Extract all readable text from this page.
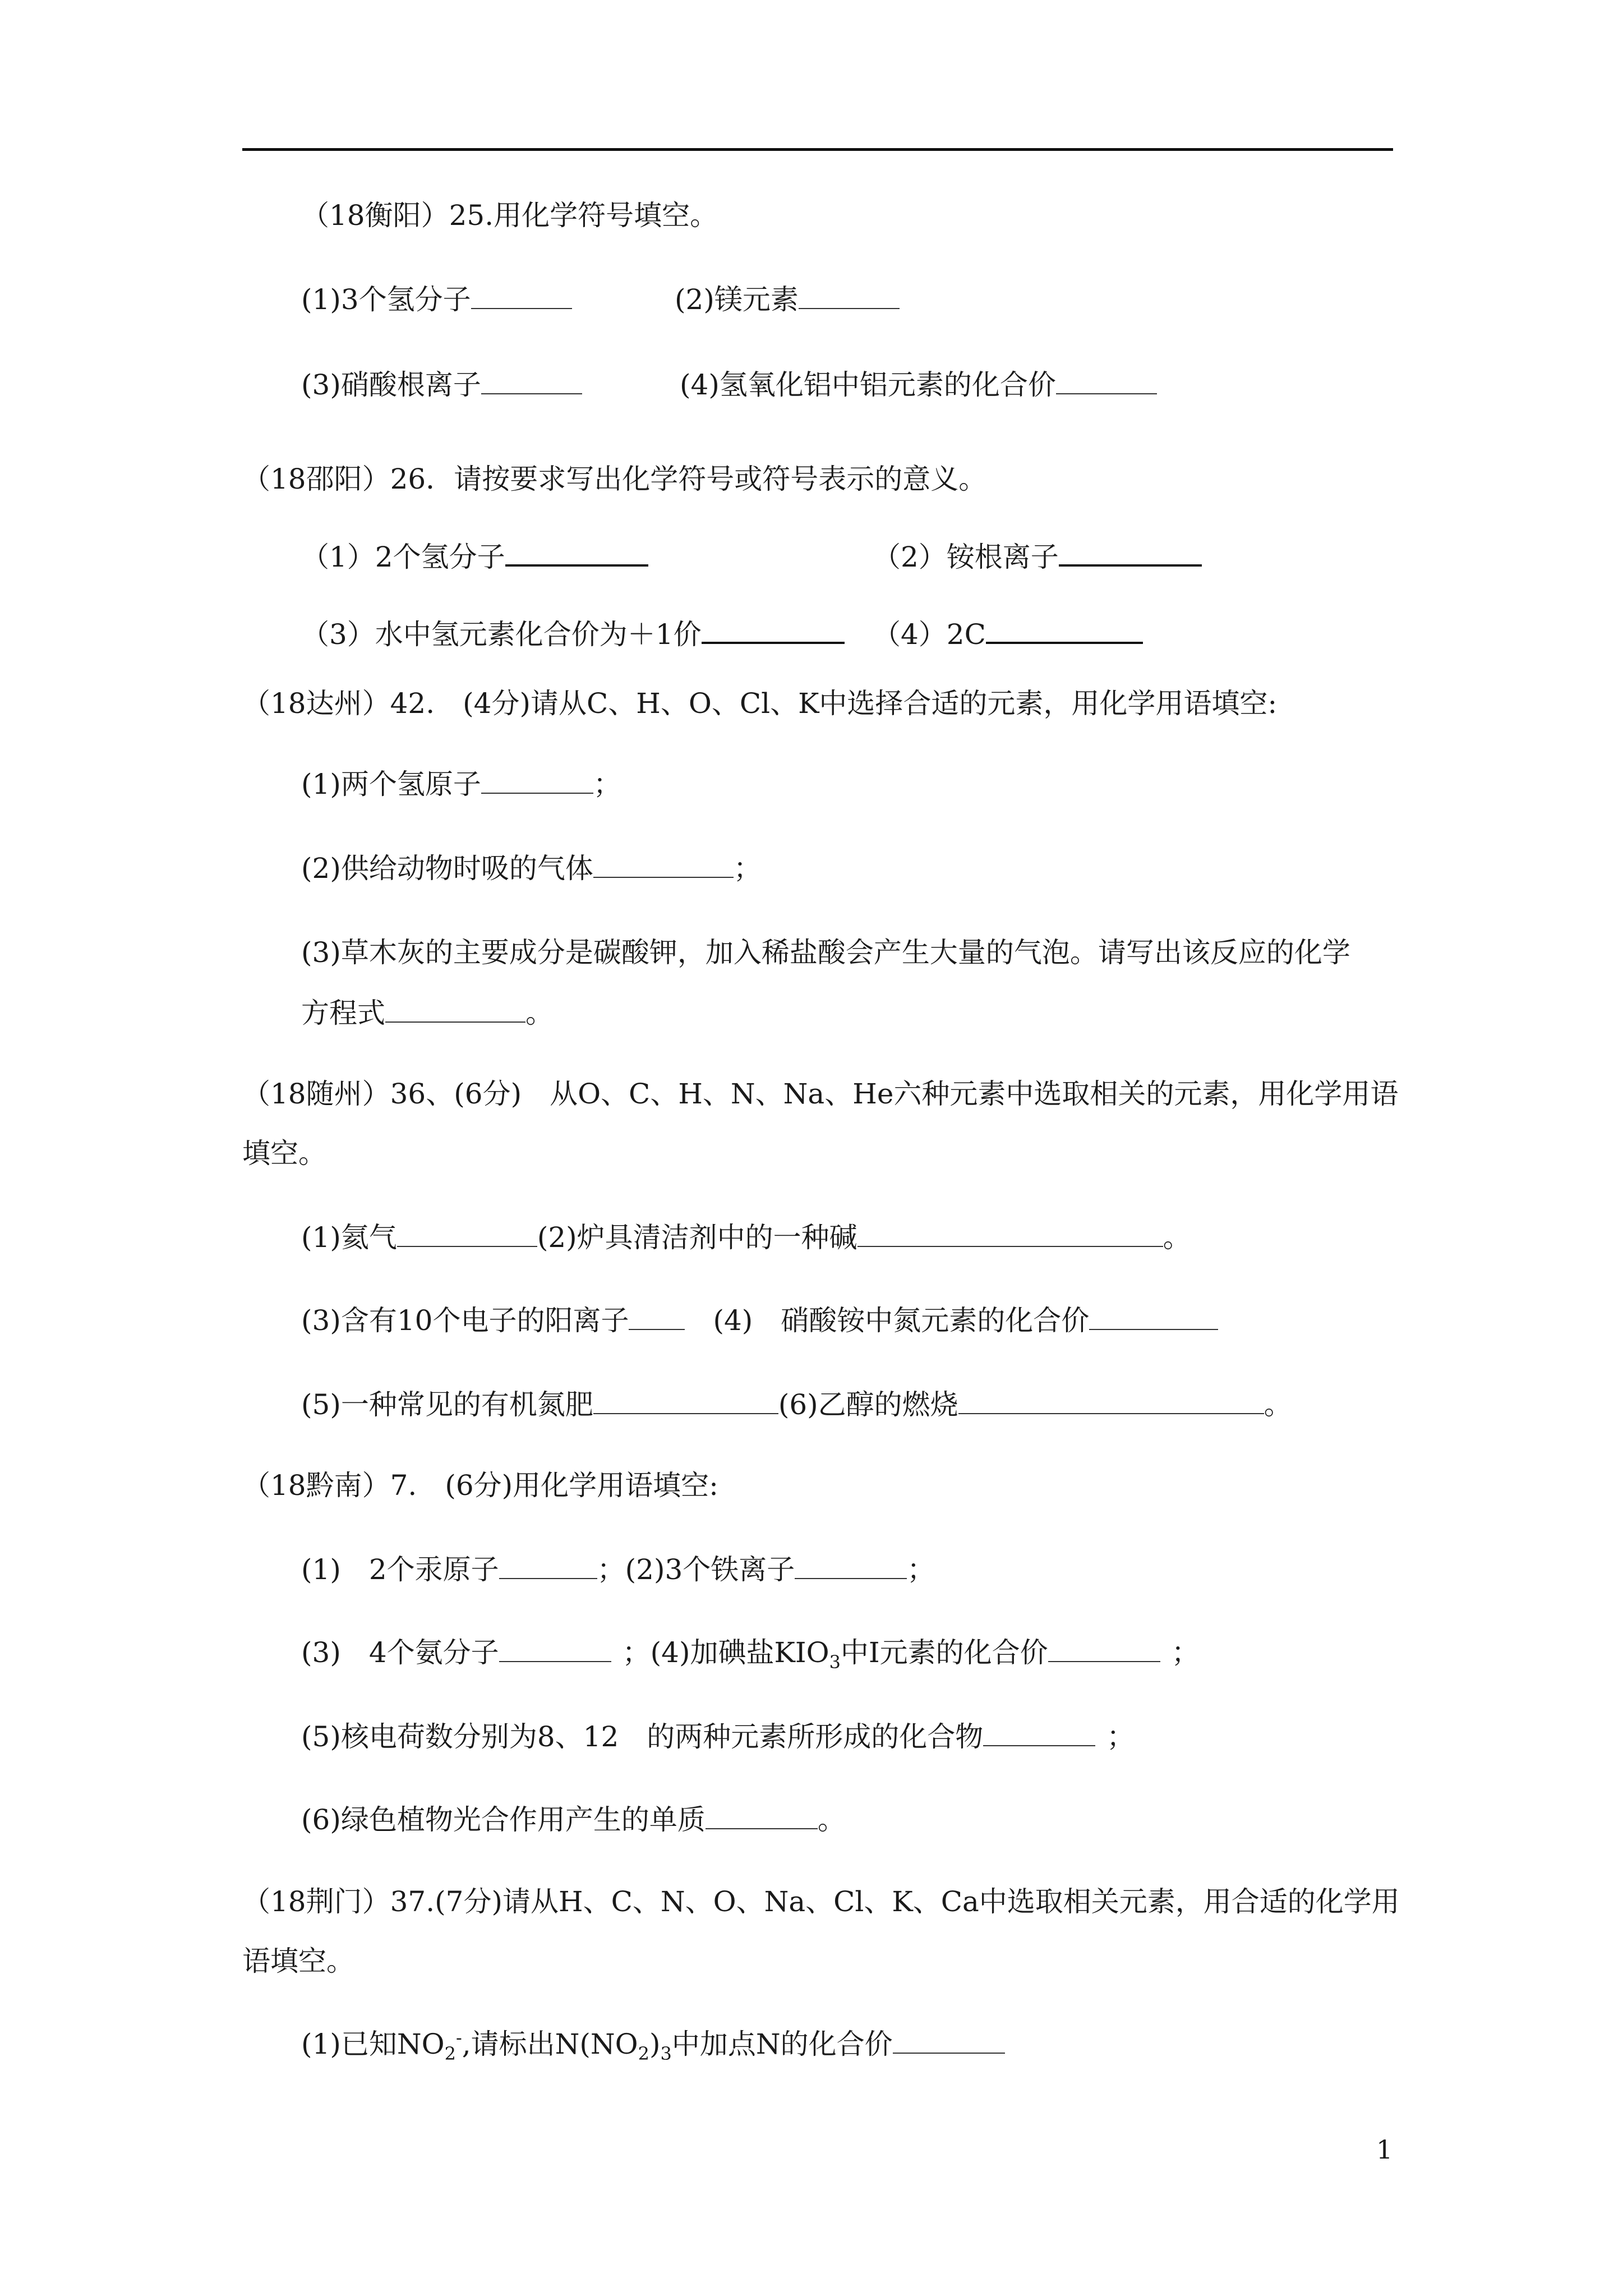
（18衡阳）25.用化学符号填空。
(1)3个氢分子	(2)镁元素
(3)硝酸根离子	(4)氢氧化铝中铝元素的化合价
（18邵阳）26．请按要求写出化学符号或符号表示的意义。
（1）2个氢分子	（2）铵根离子
（3）水中氢元素化合价为＋1价	（4）2C
（18达州）42.　(4分)请从C、H、O、Cl、K中选择合适的元素，用化学用语填空:
(1)两个氢原子	；
(2)供给动物时吸的气体	；
(3)草木灰的主要成分是碳酸钾，加入稀盐酸会产生大量的气泡。请写出该反应的化学
方程式	。
（18随州）36、(6分)　从O、C、H、N、Na、He六种元素中选取相关的元素，用化学用语
填空。
(1)氦气	(2)炉具清洁剂中的一种碱	。
(3)含有10个电子的阳离子	(4)　硝酸铵中氮元素的化合价
(5)一种常见的有机氮肥	(6)乙醇的燃烧	。
（18黔南）7.　(6分)用化学用语填空:
(1)　2个汞原子	；(2)3个铁离子	；
(3)　4个氨分子	；(4)加碘盐$KIO_3$中I元素的化合价	；
(5)核电荷数分别为8、12　的两种元素所形成的化合物	；
(6)绿色植物光合作用产生的单质	。
（18荆门）37.(7分)请从H、C、N、O、Na、Cl、K、Ca中选取相关元素，用合适的化学用
语填空。
(1)已知$NO_2^-$,请标出$N(NO_2)_3$中加点N的化合价
1
